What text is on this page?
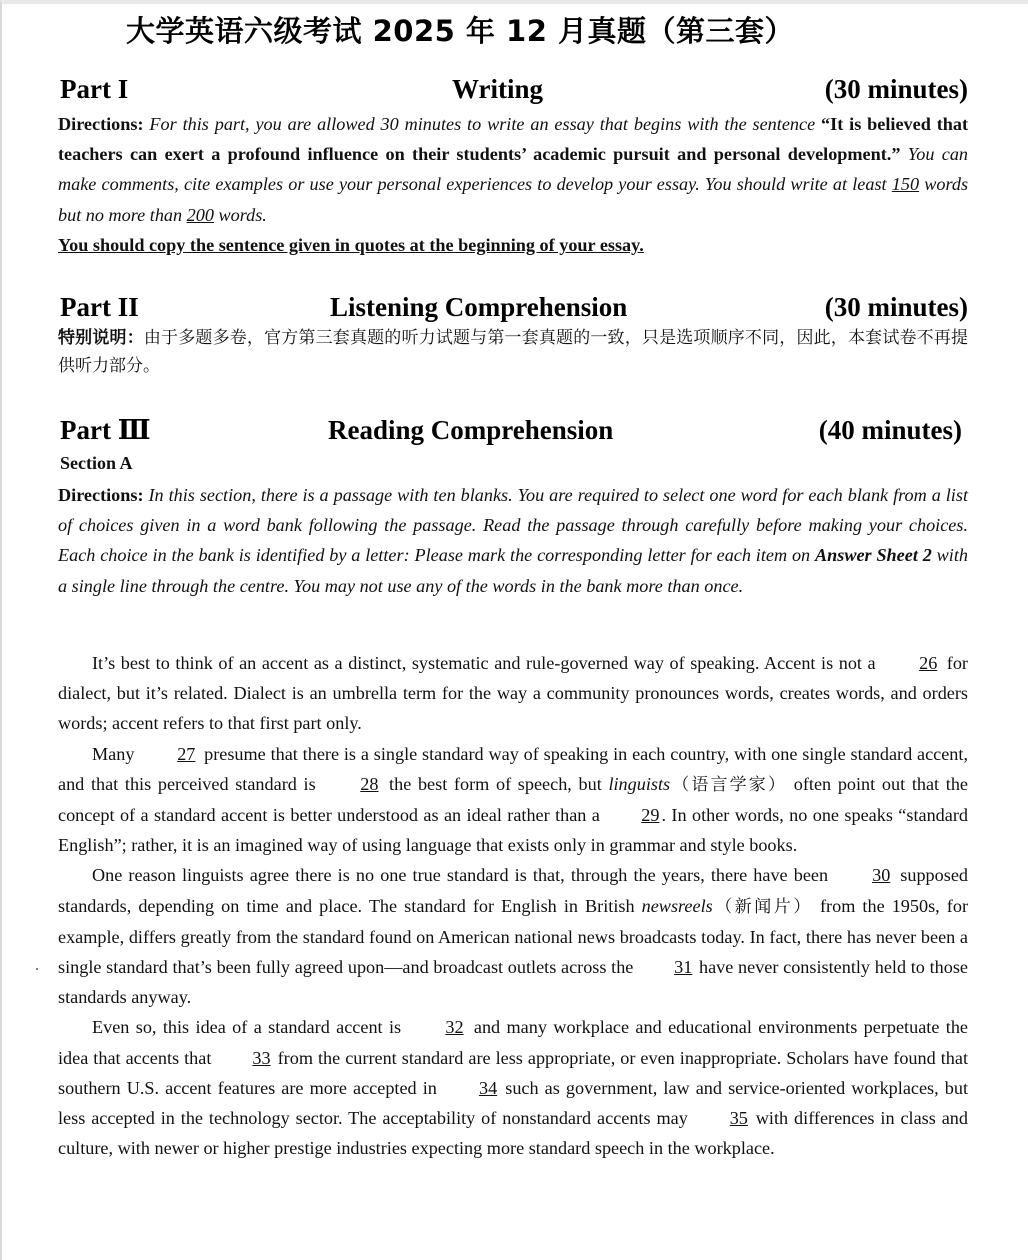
大学英语六级考试 2025 年 12 月真题（第三套）
Part I	Writing	(30 minutes)
Directions: For this part, you are allowed 30 minutes to write an essay that begins with the sentence “It is believed that teachers can exert a profound influence on their students’ academic pursuit and personal development.” You can make comments, cite examples or use your personal experiences to develop your essay. You should write at least 150 words but no more than 200 words.
You should copy the sentence given in quotes at the beginning of your essay.
Part II	Listening Comprehension	(30 minutes)
特别说明：由于多题多卷，官方第三套真题的听力试题与第一套真题的一致，只是选项顺序不同，因此，本套试卷不再提供听力部分。
Part Ⅲ	Reading Comprehension	(40 minutes)
Section A
Directions: In this section, there is a passage with ten blanks. You are required to select one word for each blank from a list of choices given in a word bank following the passage. Read the passage through carefully before making your choices. Each choice in the bank is identified by a letter: Please mark the corresponding letter for each item on Answer Sheet 2 with a single line through the centre. You may not use any of the words in the bank more than once.

It’s best to think of an accent as a distinct, systematic and rule-governed way of speaking. Accent is not a 26 for dialect, but it’s related. Dialect is an umbrella term for the way a community pronounces words, creates words, and orders words; accent refers to that first part only.

Many 27 presume that there is a single standard way of speaking in each country, with one single standard accent, and that this perceived standard is 28 the best form of speech, but linguists（语言学家） often point out that the concept of a standard accent is better understood as an ideal rather than a 29 . In other words, no one speaks “standard English”; rather, it is an imagined way of using language that exists only in grammar and style books.

One reason linguists agree there is no one true standard is that, through the years, there have been 30 supposed standards, depending on time and place. The standard for English in British newsreels（新闻片） from the 1950s, for example, differs greatly from the standard found on American national news broadcasts today. In fact, there has never been a single standard that’s been fully agreed upon—and broadcast outlets across the 31 have never consistently held to those standards anyway.

Even so, this idea of a standard accent is 32 and many workplace and educational environments perpetuate the idea that accents that 33 from the current standard are less appropriate, or even inappropriate. Scholars have found that southern U.S. accent features are more accepted in 34 such as government, law and service-oriented workplaces, but less accepted in the technology sector. The acceptability of nonstandard accents may 35 with differences in class and culture, with newer or higher prestige industries expecting more standard speech in the workplace.
